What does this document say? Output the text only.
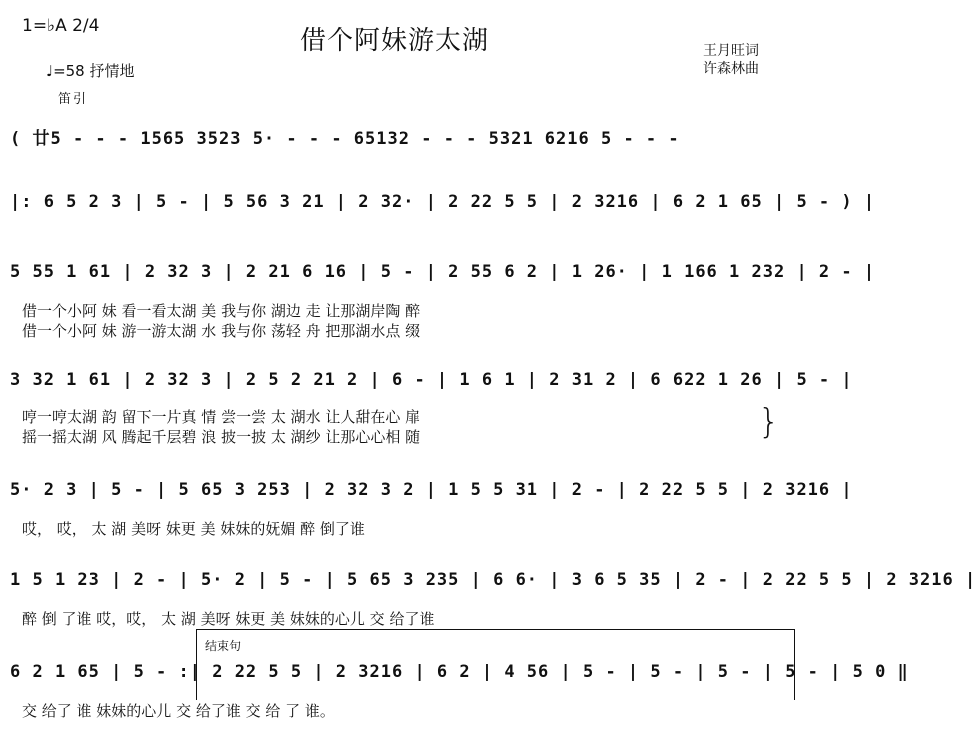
1=♭A 2/4	借个阿妹游太湖
♩=58 抒情地
王月旺词
许森林曲
笛引
( 廿5 - - - 1565 3523 5· - - - 65132 - - - 5321 6216 5 - - -
|: 6 5 2 3 | 5 - | 5 56 3 21 | 2 32· | 2 22 5 5 | 2 3216 | 6 2 1 65 | 5 - ) |
5 55 1 61 | 2 32 3 | 2 21 6 16 | 5 - | 2 55 6 2 | 1 26· | 1 166 1 232 | 2 - |
借一个小阿 妹 看一看太湖 美 我与你 湖边 走 让那湖岸陶 醉
借一个小阿 妹 游一游太湖 水 我与你 荡轻 舟 把那湖水点 缀
3 32 1 61 | 2 32 3 | 2 5 2 21 2 | 6 - | 1 6 1 | 2 31 2 | 6 622 1 26 | 5 - |
哼一哼太湖 韵 留下一片真 情 尝一尝 太 湖水 让人甜在心 扉
摇一摇太湖 风 腾起千层碧 浪 披一披 太 湖纱 让那心心相 随	}
5· 2 3 | 5 - | 5 65 3 253 | 2 32 3 2 | 1 5 5 31 | 2 - | 2 22 5 5 | 2 3216 |
哎， 哎， 太 湖 美呀 妹更 美 妹妹的妩媚 醉 倒了谁
1 5 1 23 | 2 - | 5· 2 | 5 - | 5 65 3 235 | 6 6· | 3 6 5 35 | 2 - | 2 22 5 5 | 2 3216 |
醉 倒 了谁 哎，哎， 太 湖 美呀 妹更 美 妹妹的心儿 交 给了谁
结束句
6 2 1 65 | 5 - :| 2 22 5 5 | 2 3216 | 6 2 | 4 56 | 5 - | 5 - | 5 - | 5 - | 5 0 ‖
交 给了 谁 妹妹的心儿 交 给了谁 交 给 了 谁。
